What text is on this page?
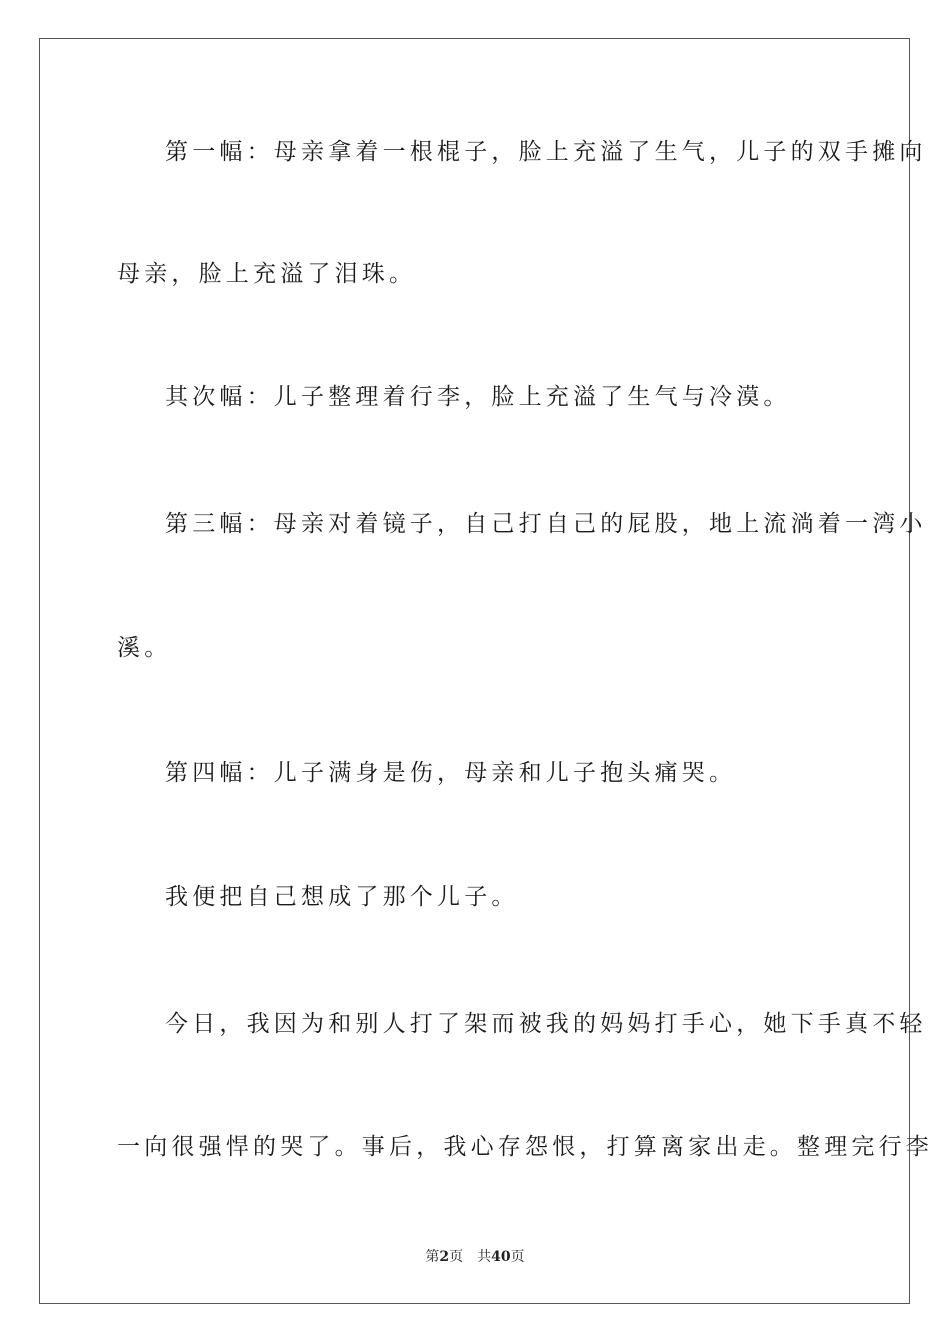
第一幅：母亲拿着一根棍子，脸上充溢了生气，儿子的双手摊向
母亲，脸上充溢了泪珠。
其次幅：儿子整理着行李，脸上充溢了生气与冷漠。
第三幅：母亲对着镜子，自己打自己的屁股，地上流淌着一湾小
溪。
第四幅：儿子满身是伤，母亲和儿子抱头痛哭。
我便把自己想成了那个儿子。
今日，我因为和别人打了架而被我的妈妈打手心，她下手真不轻
一向很强悍的哭了。事后，我心存怨恨，打算离家出走。整理完行李
第2页 共40页
